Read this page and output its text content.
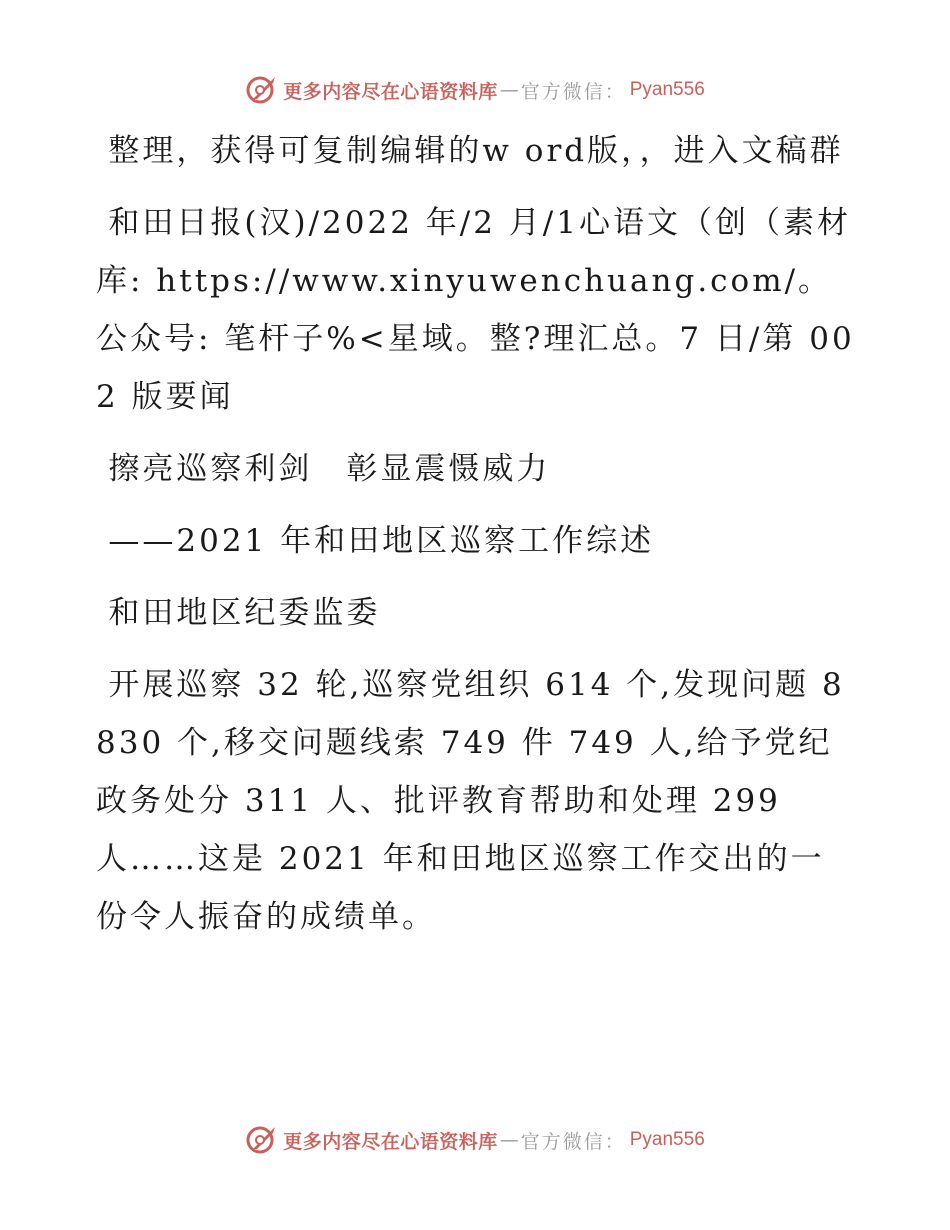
更多内容尽在心语资料库 — 官方微信： Pyan556

整理，获得可复制编辑的w ord版，，进入文稿群

和田日报(汉)/2022 年/2 月/1心语文（创（素材库: https://www.xinyuwenchuang.com/。公众号: 笔杆子%<星域。整?理汇总。7 日/第 002 版要闻

擦亮巡察利剑　彰显震慑威力

——2021 年和田地区巡察工作综述

和田地区纪委监委

开展巡察 32 轮,巡察党组织 614 个,发现问题 8830 个,移交问题线索 749 件 749 人,给予党纪政务处分 311 人、批评教育帮助和处理 299 人……这是 2021 年和田地区巡察工作交出的一份令人振奋的成绩单。

更多内容尽在心语资料库 — 官方微信： Pyan556
